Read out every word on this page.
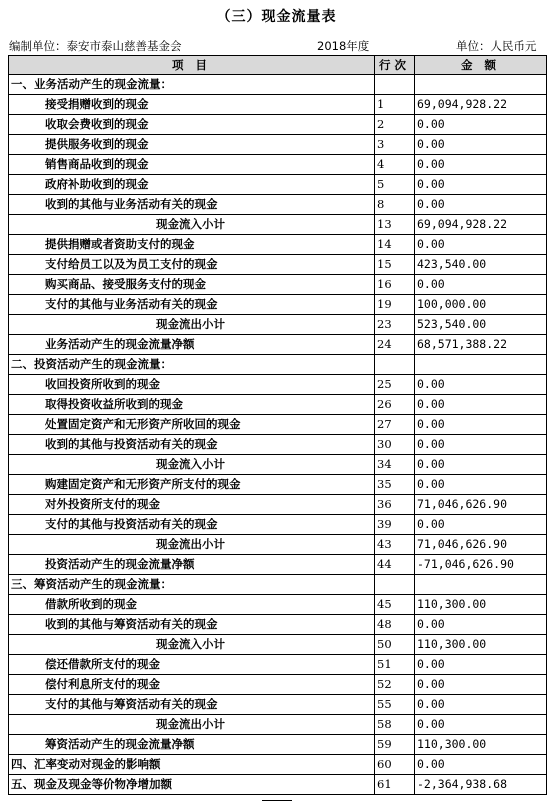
（三）现金流量表
编制单位：泰安市泰山慈善基金会	2018年度	单位：人民币元
项 目	行次	金 额
一、业务活动产生的现金流量：		
接受捐赠收到的现金	1	69,094,928.22
收取会费收到的现金	2	0.00
提供服务收到的现金	3	0.00
销售商品收到的现金	4	0.00
政府补助收到的现金	5	0.00
收到的其他与业务活动有关的现金	8	0.00
现金流入小计	13	69,094,928.22
提供捐赠或者资助支付的现金	14	0.00
支付给员工以及为员工支付的现金	15	423,540.00
购买商品、接受服务支付的现金	16	0.00
支付的其他与业务活动有关的现金	19	100,000.00
现金流出小计	23	523,540.00
业务活动产生的现金流量净额	24	68,571,388.22
二、投资活动产生的现金流量：		
收回投资所收到的现金	25	0.00
取得投资收益所收到的现金	26	0.00
处置固定资产和无形资产所收回的现金	27	0.00
收到的其他与投资活动有关的现金	30	0.00
现金流入小计	34	0.00
购建固定资产和无形资产所支付的现金	35	0.00
对外投资所支付的现金	36	71,046,626.90
支付的其他与投资活动有关的现金	39	0.00
现金流出小计	43	71,046,626.90
投资活动产生的现金流量净额	44	-71,046,626.90
三、筹资活动产生的现金流量：		
借款所收到的现金	45	110,300.00
收到的其他与筹资活动有关的现金	48	0.00
现金流入小计	50	110,300.00
偿还借款所支付的现金	51	0.00
偿付利息所支付的现金	52	0.00
支付的其他与筹资活动有关的现金	55	0.00
现金流出小计	58	0.00
筹资活动产生的现金流量净额	59	110,300.00
四、汇率变动对现金的影响额	60	0.00
五、现金及现金等价物净增加额	61	-2,364,938.68
